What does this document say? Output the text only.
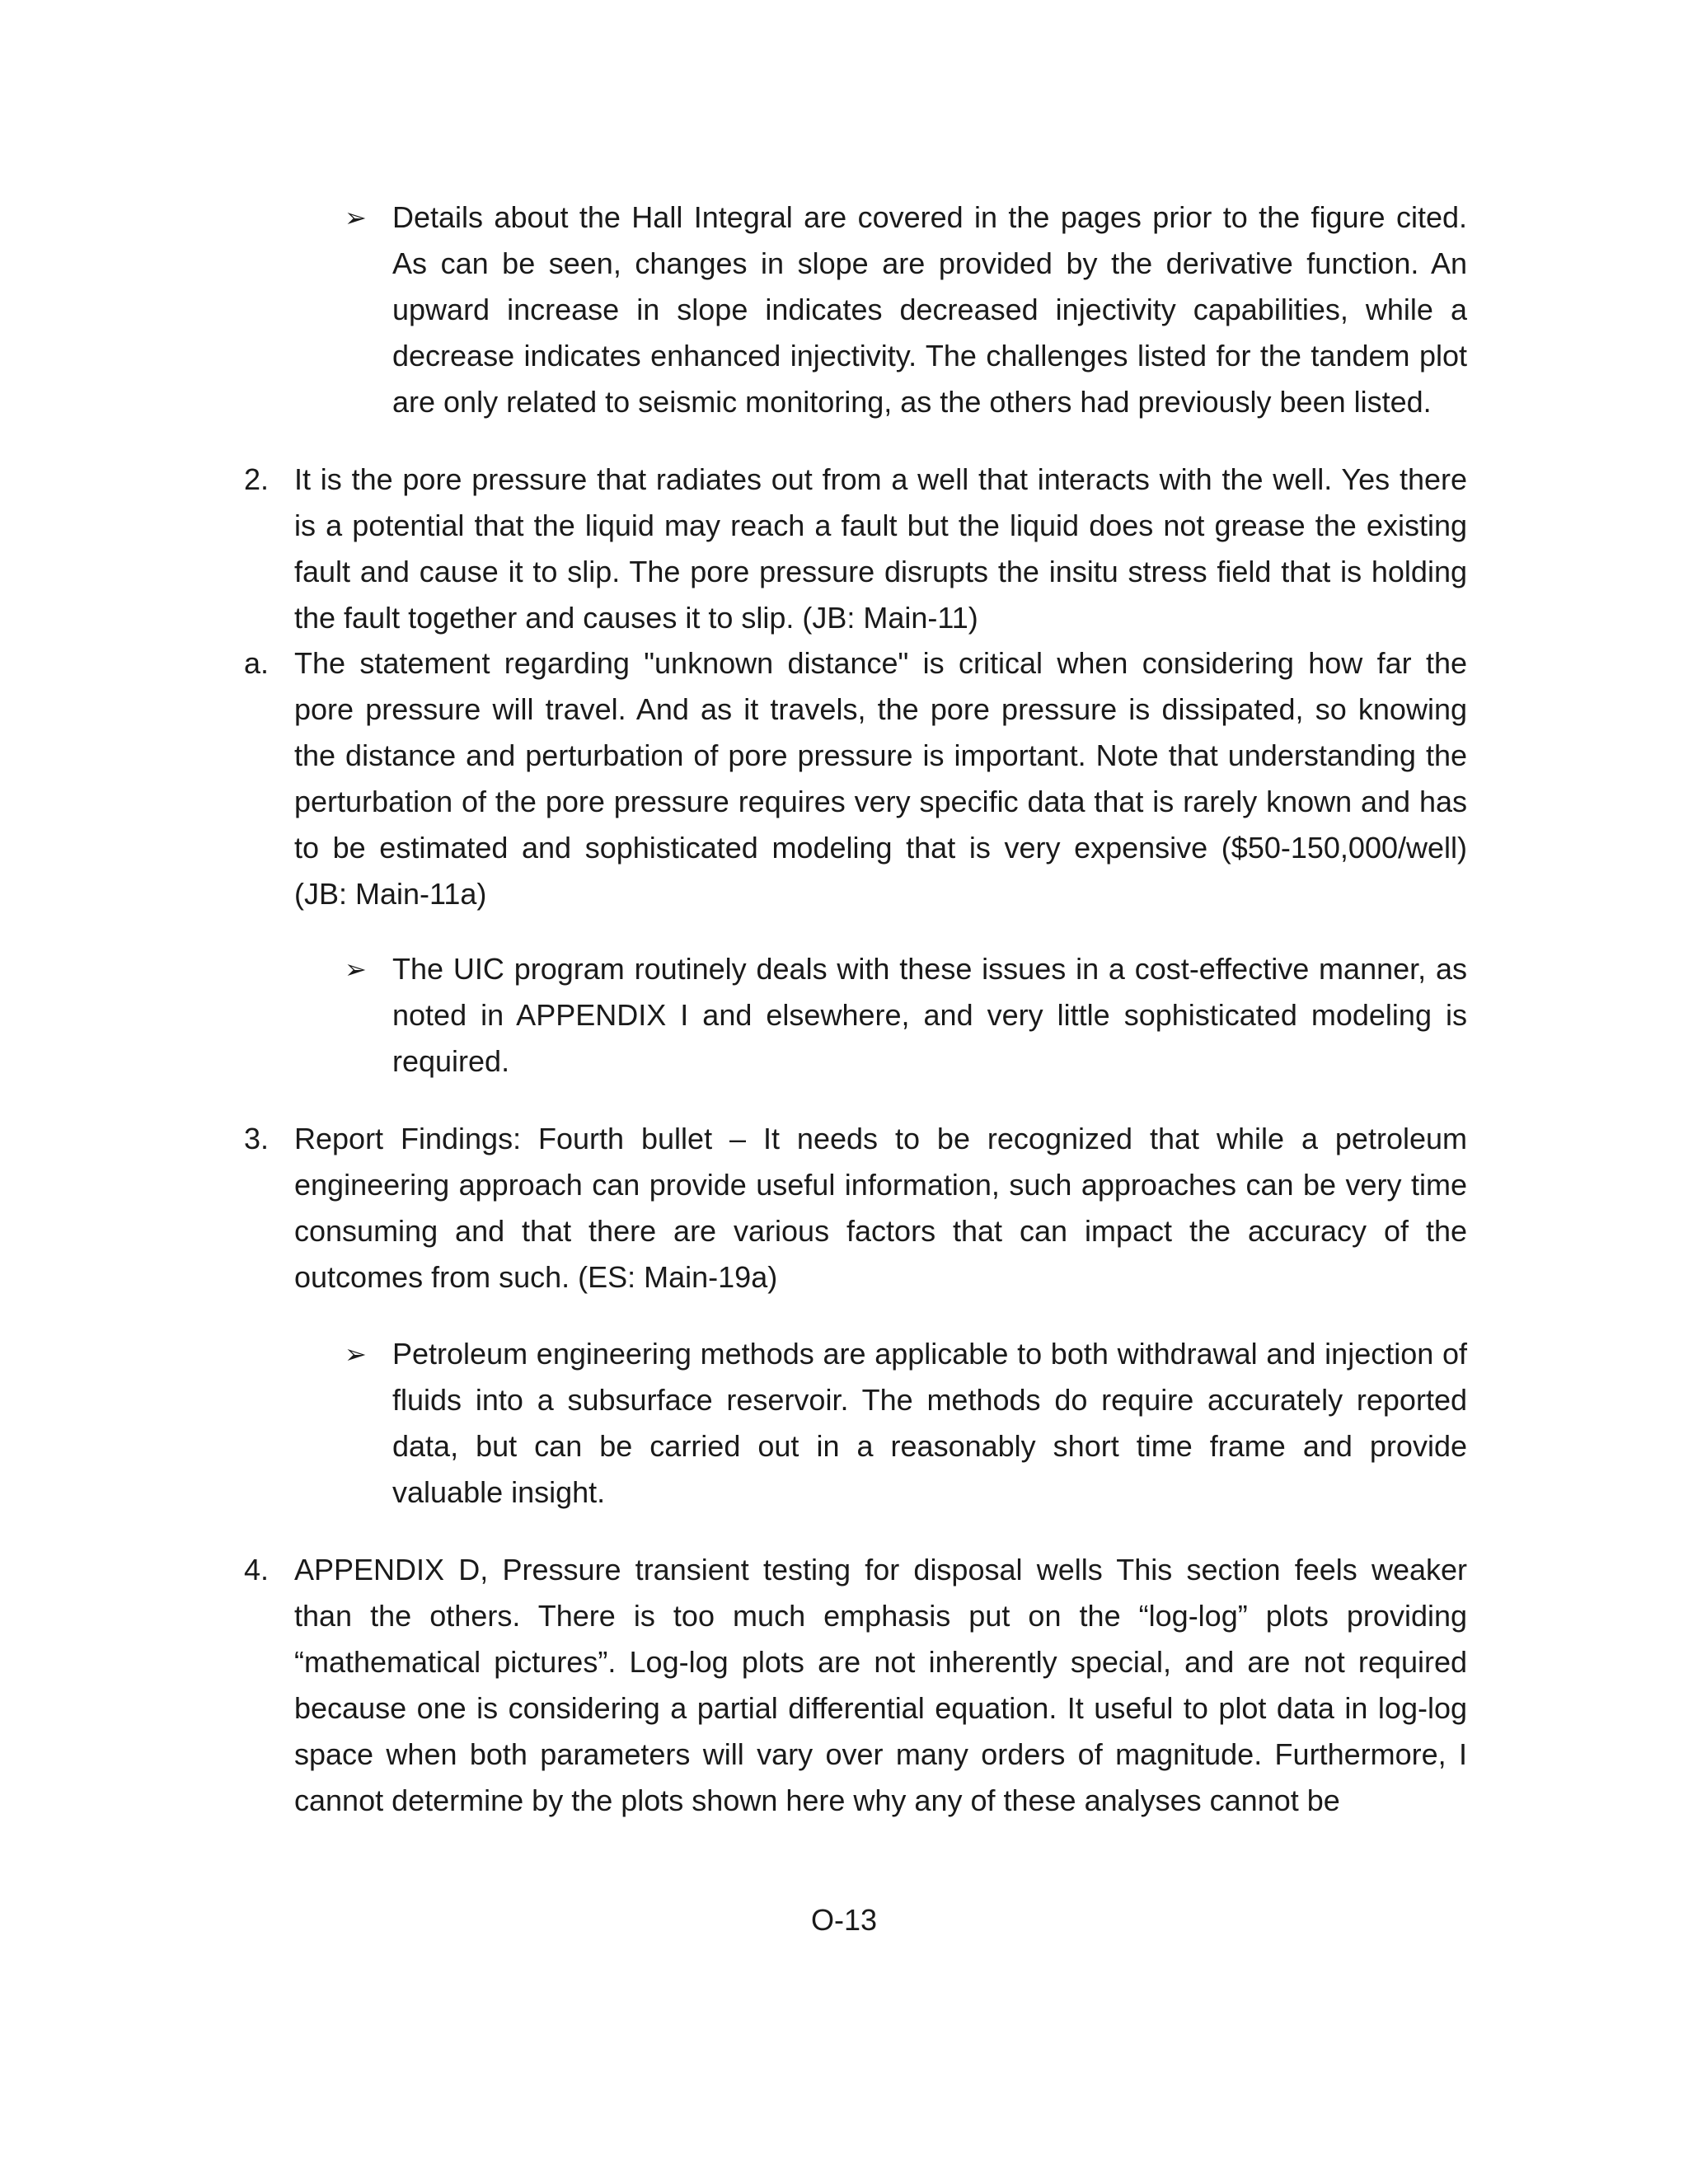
➢ Details about the Hall Integral are covered in the pages prior to the figure cited. As can be seen, changes in slope are provided by the derivative function. An upward increase in slope indicates decreased injectivity capabilities, while a decrease indicates enhanced injectivity. The challenges listed for the tandem plot are only related to seismic monitoring, as the others had previously been listed.

2. It is the pore pressure that radiates out from a well that interacts with the well. Yes there is a potential that the liquid may reach a fault but the liquid does not grease the existing fault and cause it to slip. The pore pressure disrupts the insitu stress field that is holding the fault together and causes it to slip. (JB: Main-11)

a. The statement regarding "unknown distance" is critical when considering how far the pore pressure will travel. And as it travels, the pore pressure is dissipated, so knowing the distance and perturbation of pore pressure is important. Note that understanding the perturbation of the pore pressure requires very specific data that is rarely known and has to be estimated and sophisticated modeling that is very expensive ($50-150,000/well) (JB: Main-11a)

➢ The UIC program routinely deals with these issues in a cost-effective manner, as noted in APPENDIX I and elsewhere, and very little sophisticated modeling is required.

3. Report Findings: Fourth bullet – It needs to be recognized that while a petroleum engineering approach can provide useful information, such approaches can be very time consuming and that there are various factors that can impact the accuracy of the outcomes from such. (ES: Main-19a)

➢ Petroleum engineering methods are applicable to both withdrawal and injection of fluids into a subsurface reservoir. The methods do require accurately reported data, but can be carried out in a reasonably short time frame and provide valuable insight.

4. APPENDIX D, Pressure transient testing for disposal wells This section feels weaker than the others. There is too much emphasis put on the “log-log” plots providing “mathematical pictures”. Log-log plots are not inherently special, and are not required because one is considering a partial differential equation. It useful to plot data in log-log space when both parameters will vary over many orders of magnitude. Furthermore, I cannot determine by the plots shown here why any of these analyses cannot be

O-13
